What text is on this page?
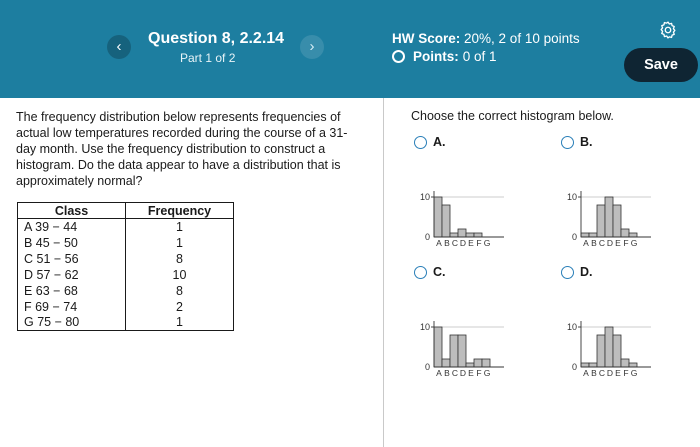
‹	Question 8, 2.2.14
Part 1 of 2
›	HW Score: 20%, 2 of 10 points
Points: 0 of 1
Save
The frequency distribution below represents frequencies of actual low temperatures recorded during the course of a 31-day month. Use the frequency distribution to construct a histogram. Do the data appear to have a distribution that is approximately normal?
Class	Frequency
A 39 − 44	1
B 45 − 50	1
C 51 − 56	8
D 57 − 62	10
E 63 − 68	8
F 69 − 74	2
G 75 − 80	1
Choose the correct histogram below.
A.	B.
C.	D.
10
0
A B C D E F G
10
0
A B C D E F G
10
0
A B C D E F G
10
0
A B C D E F G
